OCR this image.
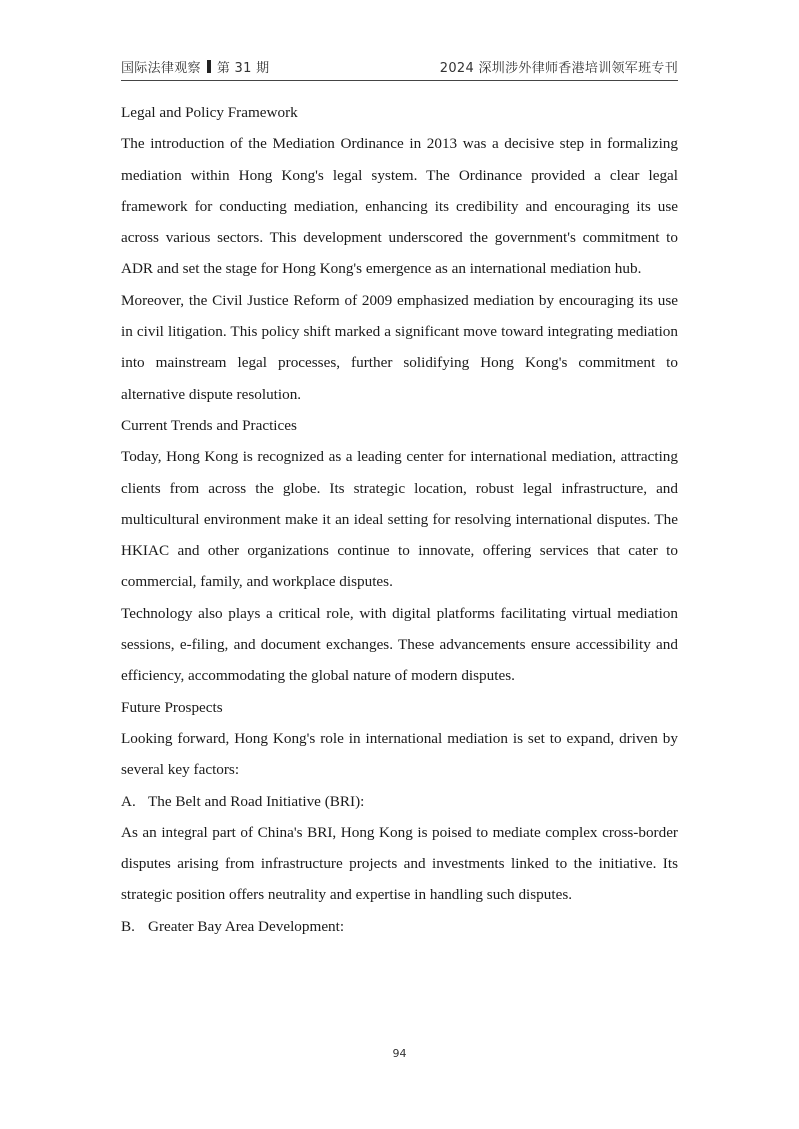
国际法律观察 第 31 期	2024 深圳涉外律师香港培训领军班专刊

Legal and Policy Framework

The introduction of the Mediation Ordinance in 2013 was a decisive step in formalizing mediation within Hong Kong's legal system. The Ordinance provided a clear legal framework for conducting mediation, enhancing its credibility and encouraging its use across various sectors. This development underscored the government's commitment to ADR and set the stage for Hong Kong's emergence as an international mediation hub.

Moreover, the Civil Justice Reform of 2009 emphasized mediation by encouraging its use in civil litigation. This policy shift marked a significant move toward integrating mediation into mainstream legal processes, further solidifying Hong Kong's commitment to alternative dispute resolution.

Current Trends and Practices

Today, Hong Kong is recognized as a leading center for international mediation, attracting clients from across the globe. Its strategic location, robust legal infrastructure, and multicultural environment make it an ideal setting for resolving international disputes. The HKIAC and other organizations continue to innovate, offering services that cater to commercial, family, and workplace disputes.

Technology also plays a critical role, with digital platforms facilitating virtual mediation sessions, e-filing, and document exchanges. These advancements ensure accessibility and efficiency, accommodating the global nature of modern disputes.

Future Prospects

Looking forward, Hong Kong's role in international mediation is set to expand, driven by several key factors:

A. The Belt and Road Initiative (BRI):

As an integral part of China's BRI, Hong Kong is poised to mediate complex cross-border disputes arising from infrastructure projects and investments linked to the initiative. Its strategic position offers neutrality and expertise in handling such disputes.

B. Greater Bay Area Development:

94
